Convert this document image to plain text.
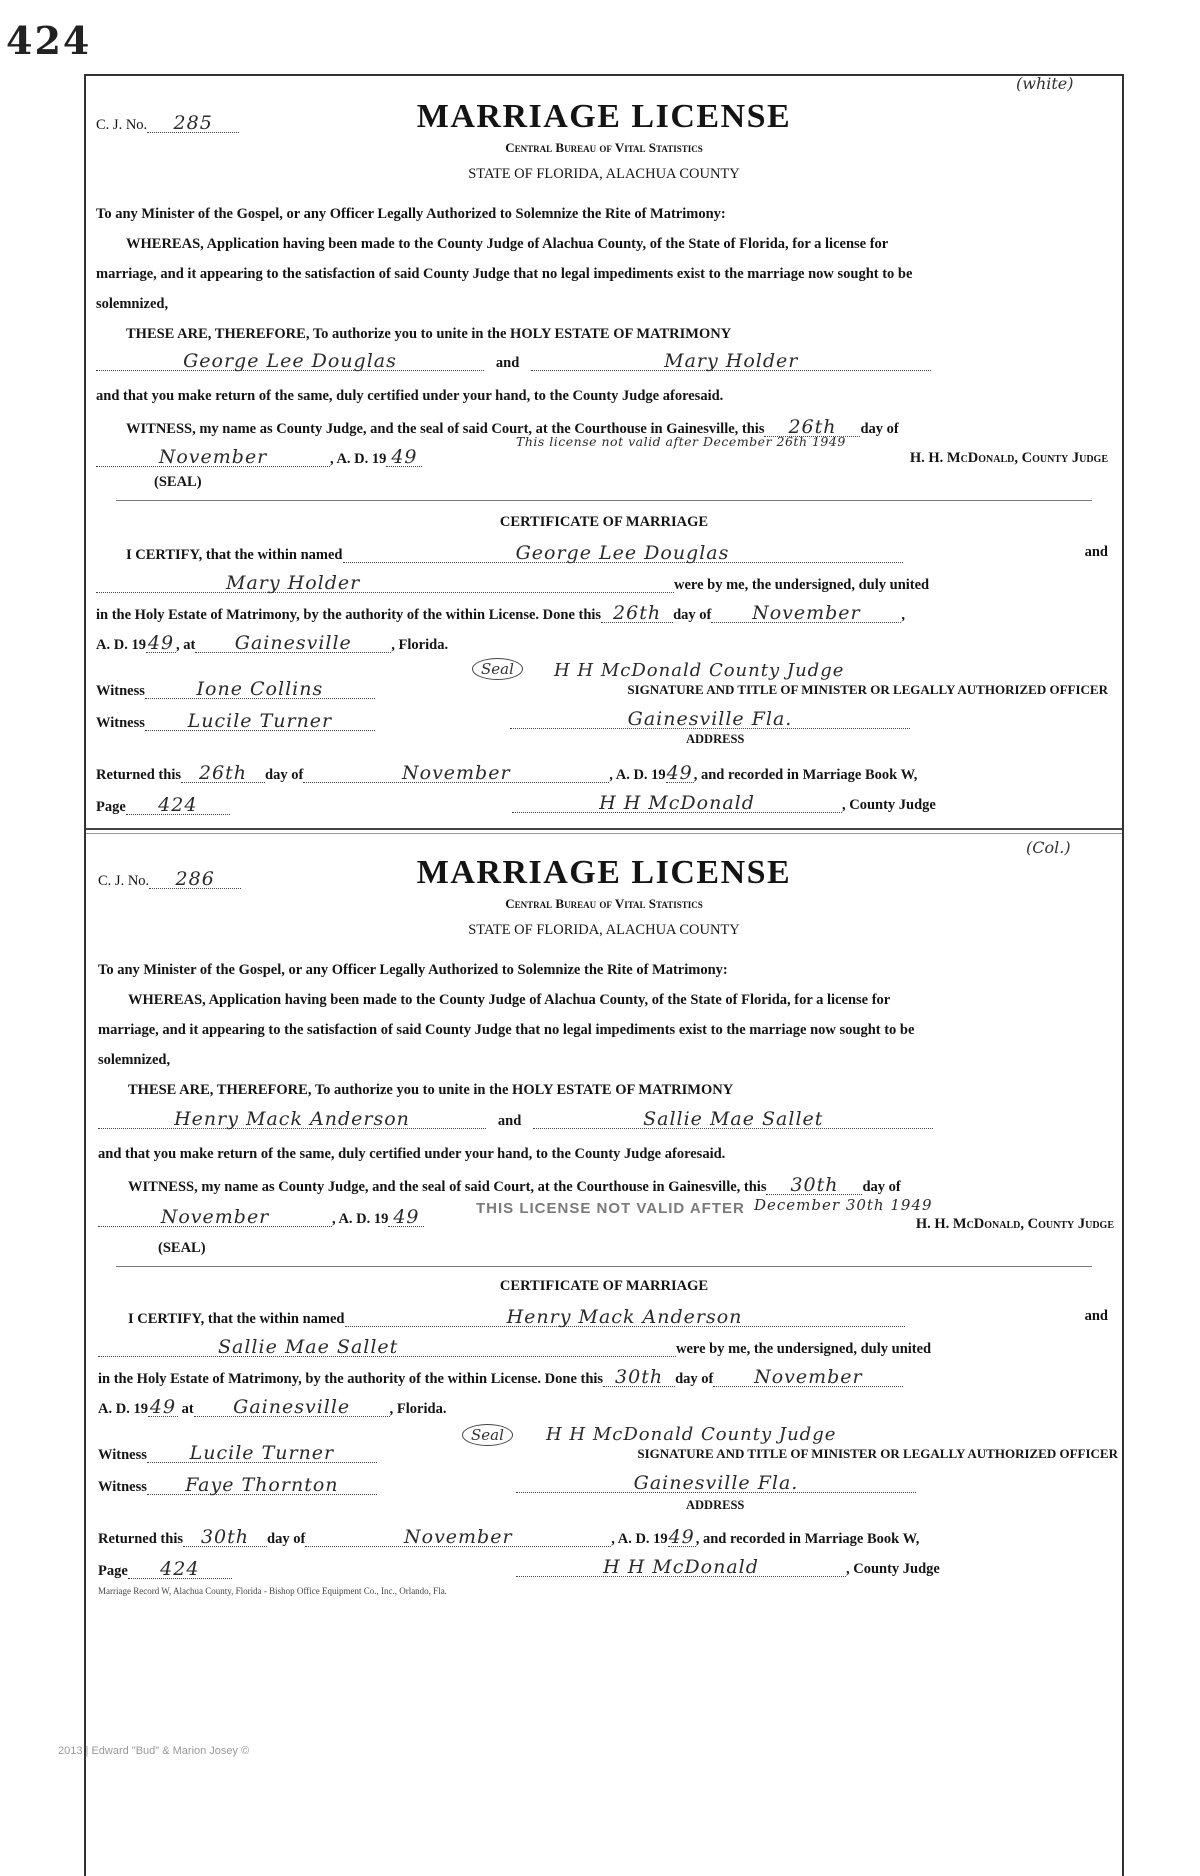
424
2013 | Edward "Bud" & Marion Josey ©
(white)
C. J. No. 285	MARRIAGE LICENSE
Central Bureau of Vital Statistics
STATE OF FLORIDA, ALACHUA COUNTY
To any Minister of the Gospel, or any Officer Legally Authorized to Solemnize the Rite of Matrimony:
WHEREAS, Application having been made to the County Judge of Alachua County, of the State of Florida, for a license for
marriage, and it appearing to the satisfaction of said County Judge that no legal impediments exist to the marriage now sought to be
solemnized,
THESE ARE, THEREFORE, To authorize you to unite in the HOLY ESTATE OF MATRIMONY
George Lee Douglas	and	Mary Holder
and that you make return of the same, duly certified under your hand, to the County Judge aforesaid.
WITNESS, my name as County Judge, and the seal of said Court, at the Courthouse in Gainesville, this 26th day of
This license not valid after December 26th 1949
November	, A. D. 19 49	H. H. McDonald, County Judge
(SEAL)
CERTIFICATE OF MARRIAGE
I CERTIFY, that the within named	George Lee Douglas	and
Mary Holder	were by me, the undersigned, duly united
in the Holy Estate of Matrimony, by the authority of the within License. Done this 26th day of November	,
A. D. 19 49 , at Gainesville	, Florida.
Witness	Ione Collins
Seal	H H McDonald County Judge
SIGNATURE AND TITLE OF MINISTER OR LEGALLY AUTHORIZED OFFICER
Witness Lucile Turner	Gainesville Fla.
ADDRESS
Returned this 26th day of	November	, A. D. 1949, and recorded in Marriage Book W,
Page 424	H H McDonald	, County Judge
(Col.)
C. J. No. 286	MARRIAGE LICENSE
Central Bureau of Vital Statistics
STATE OF FLORIDA, ALACHUA COUNTY
To any Minister of the Gospel, or any Officer Legally Authorized to Solemnize the Rite of Matrimony:
WHEREAS, Application having been made to the County Judge of Alachua County, of the State of Florida, for a license for
marriage, and it appearing to the satisfaction of said County Judge that no legal impediments exist to the marriage now sought to be
solemnized,
THESE ARE, THEREFORE, To authorize you to unite in the HOLY ESTATE OF MATRIMONY
Henry Mack Anderson	and	Sallie Mae Sallet
and that you make return of the same, duly certified under your hand, to the County Judge aforesaid.
WITNESS, my name as County Judge, and the seal of said Court, at the Courthouse in Gainesville, this 30th day of
November	, A. D. 19 49	THIS LICENSE NOT VALID AFTER December 30th 1949
H. H. McDonald, County Judge
(SEAL)
CERTIFICATE OF MARRIAGE
I CERTIFY, that the within named	Henry Mack Anderson	and
Sallie Mae Sallet	were by me, the undersigned, duly united
in the Holy Estate of Matrimony, by the authority of the within License. Done this 30th day of November
A. D. 19 49 at Gainesville	, Florida.
Witness Lucile Turner
Seal	H H McDonald County Judge
SIGNATURE AND TITLE OF MINISTER OR LEGALLY AUTHORIZED OFFICER
Witness Faye Thornton	Gainesville Fla.
ADDRESS
Returned this 30th day of	November	, A. D. 1949, and recorded in Marriage Book W,
Page 424	H H McDonald	, County Judge
Marriage Record W, Alachua County, Florida - Bishop Office Equipment Co., Inc., Orlando, Fla.
